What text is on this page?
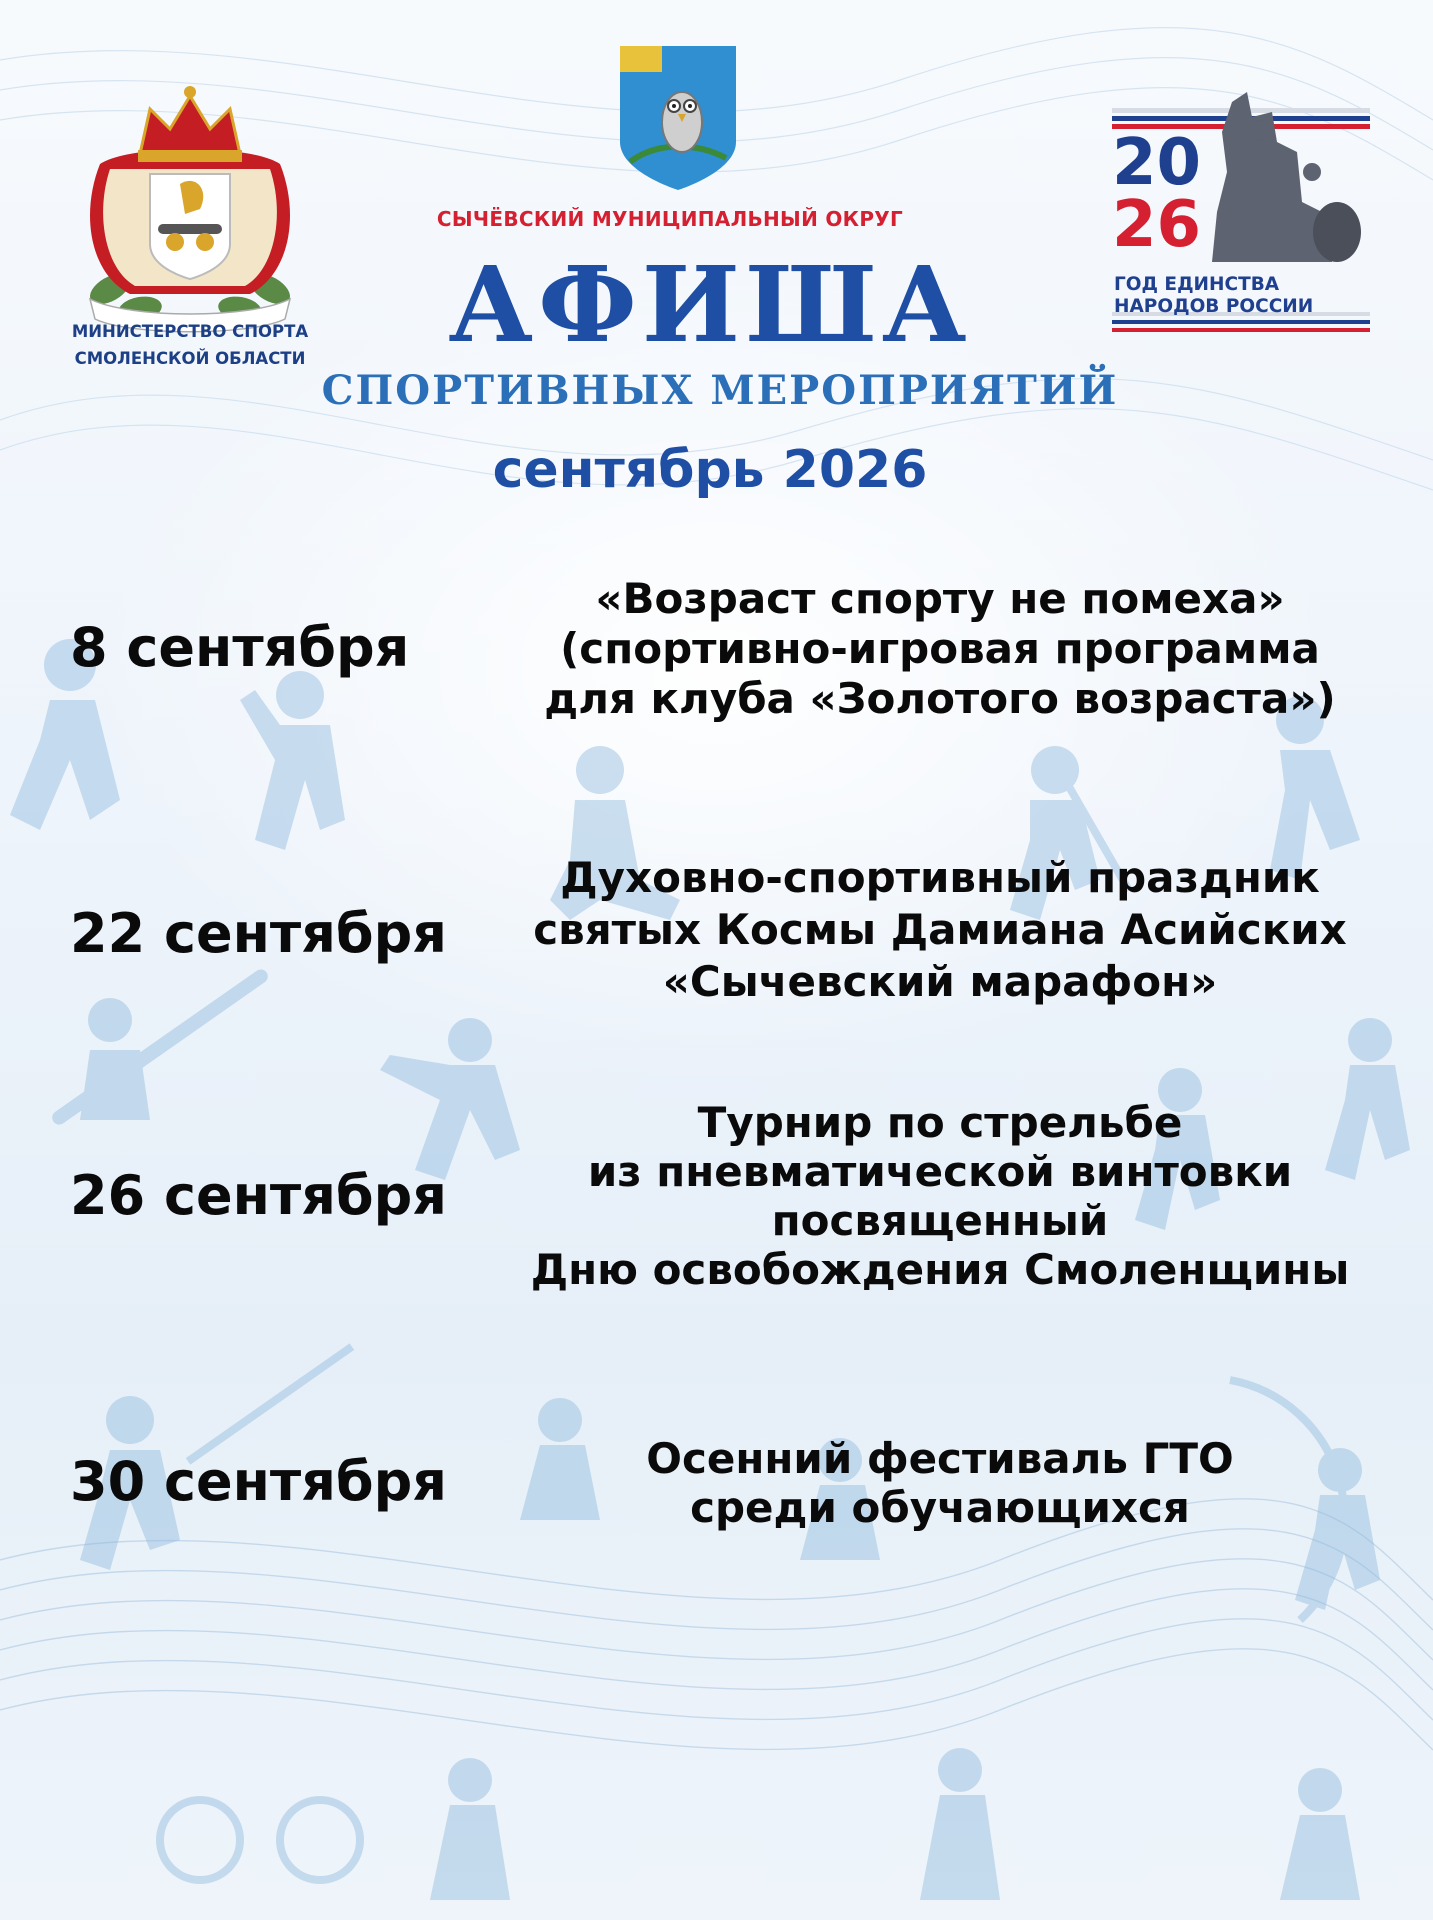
МИНИСТЕРСТВО СПОРТА
СМОЛЕНСКОЙ ОБЛАСТИ
СЫЧЁВСКИЙ МУНИЦИПАЛЬНЫЙ ОКРУГ
20
26
ГОД ЕДИНСТВА
НАРОДОВ РОССИИ
АФИША
СПОРТИВНЫХ МЕРОПРИЯТИЙ
сентябрь 2026
8 сентября
«Возраст спорту не помеха»
(спортивно-игровая программа
для клуба «Золотого возраста»)
22 сентября
Духовно-спортивный праздник
святых Космы Дамиана Асийских
«Сычевский марафон»
26 сентября
Турнир по стрельбе
из пневматической винтовки
посвященный
Дню освобождения Смоленщины
30 сентября	Осенний фестиваль ГТО
среди обучающихся
